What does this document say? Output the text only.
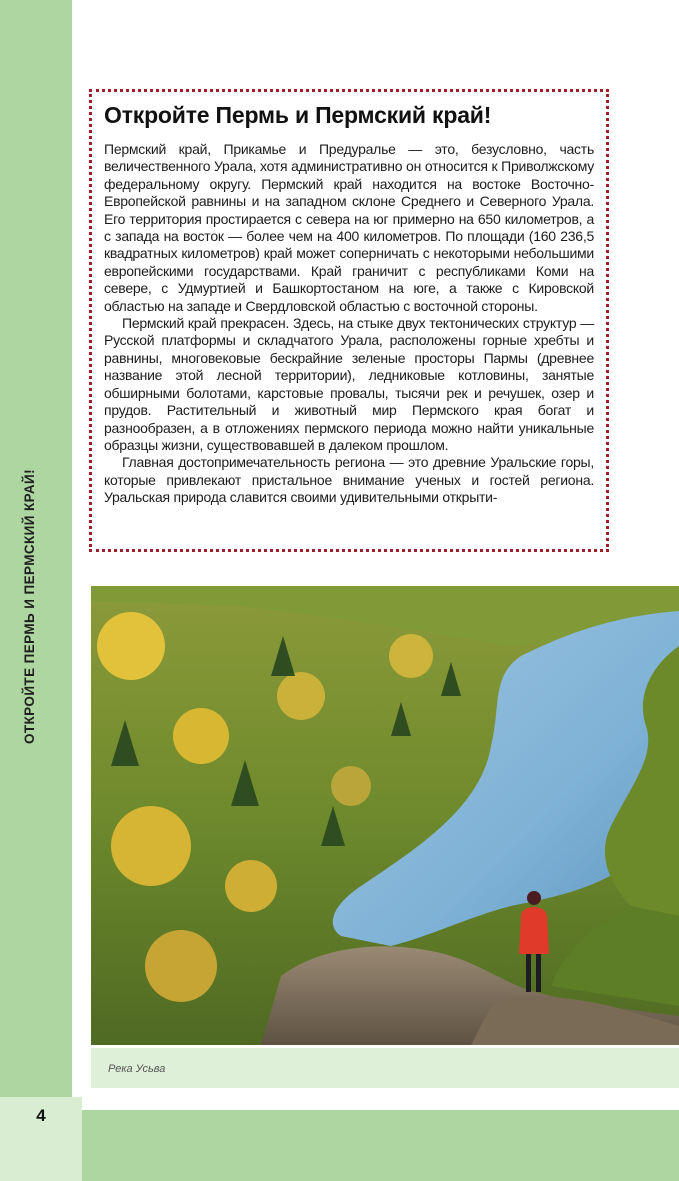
ОТКРОЙТЕ ПЕРМЬ И ПЕРМСКИЙ КРАЙ!
Откройте Пермь и Пермский край!

Пермский край, Прикамье и Предуралье — это, безусловно, часть величественного Урала, хотя административно он относится к Приволжскому федеральному округу. Пермский край находится на востоке Восточно-Европейской равнины и на западном склоне Среднего и Северного Урала. Его территория простирается с севера на юг примерно на 650 километров, а с запада на восток — более чем на 400 километров. По площади (160 236,5 квадратных километров) край может соперничать с некоторыми небольшими европейскими государствами. Край граничит с республиками Коми на севере, с Удмуртией и Башкортостаном на юге, а также с Кировской областью на западе и Свердловской областью с восточной стороны.

Пермский край прекрасен. Здесь, на стыке двух тектонических структур — Русской платформы и складчатого Урала, расположены горные хребты и равнины, многовековые бескрайние зеленые просторы Пармы (древнее название этой лесной территории), ледниковые котловины, занятые обширными болотами, карстовые провалы, тысячи рек и речушек, озер и прудов. Растительный и животный мир Пермского края богат и разнообразен, а в отложениях пермского периода можно найти уникальные образцы жизни, существовавшей в далеком прошлом.

Главная достопримечательность региона — это древние Уральские горы, которые привлекают пристальное внимание ученых и гостей региона. Уральская природа славится своими удивительными открыти-

Река Усьва
4
